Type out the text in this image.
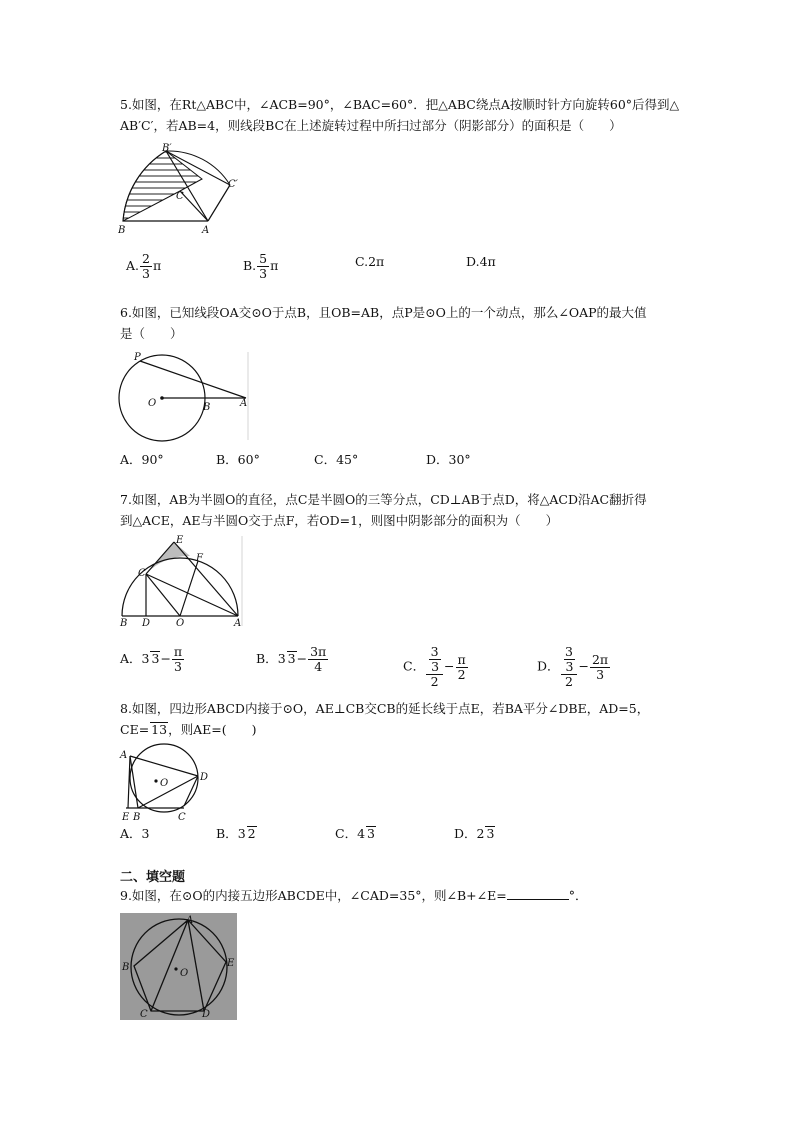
5.如图，在Rt△ABC中，∠ACB=90°，∠BAC=60°．把△ABC绕点A按顺时针方向旋转60°后得到△
AB′C′，若AB=4，则线段BC在上述旋转过程中所扫过部分（阴影部分）的面积是（　　）
B′
C′
C
B	A
A. $\frac{2}{3}$ π	B. $\frac{5}{3}$ π	C.2π	D.4π
6.如图，已知线段OA交⊙O于点B，且OB=AB，点P是⊙O上的一个动点，那么∠OAP的最大值
是（　　）
P
O	B	A
A．90°	B．60°	C．45°	D．30°
7.如图，AB为半圆O的直径，点C是半圆O的三等分点，CD⊥AB于点D，将△ACD沿AC翻折得
到△ACE，AE与半圆O交于点F，若OD=1，则图中阴影部分的面积为（　　）
E
F
C
B D	O	A
A．3 $3- \frac{\pi}{3}$	B．3 $3- \frac{3\pi}{4}$	C． 3
3
$2 - \frac{\pi}{2}$	D． 3
3
$2 - \frac{2\pi}{3}$
8.如图，四边形ABCD内接于⊙O，AE⊥CB交CB的延长线于点E，若BA平分∠DBE，AD=5，
CE= 13，则AE=(　　)
A
O
D
E B	C
A．3	B．3 2	C．4 3	D．2 3
二、填空题
9.如图，在⊙O的内接五边形ABCDE中，∠CAD=35°，则∠B+∠E=	°．
A
B
O
E
C	D
